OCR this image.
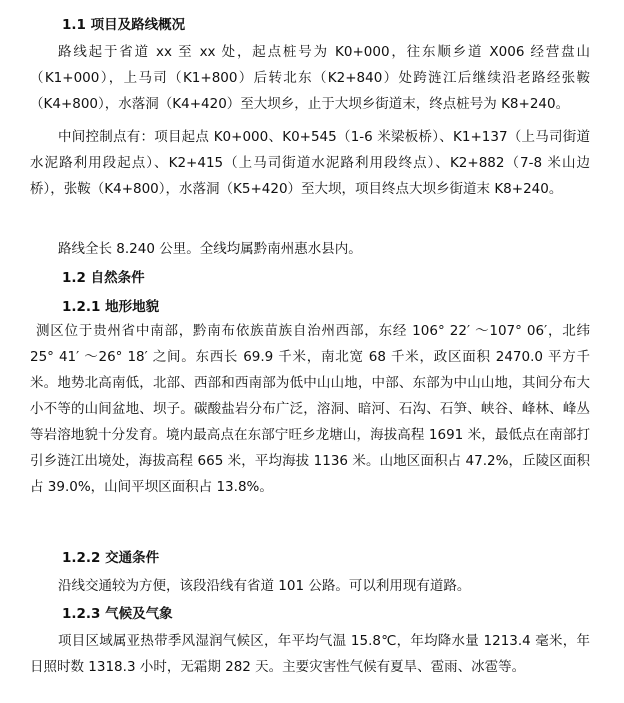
1.1 项目及路线概况

路线起于省道 xx 至 xx 处，起点桩号为 K0+000，往东顺乡道 X006 经营盘山（K1+000），上马司（K1+800）后转北东（K2+840）处跨涟江后继续沿老路经张鞍（K4+800），水落洞（K4+420）至大坝乡，止于大坝乡街道末，终点桩号为 K8+240。

中间控制点有：项目起点 K0+000、K0+545（1-6 米梁板桥）、K1+137（上马司街道水泥路利用段起点）、K2+415（上马司街道水泥路利用段终点）、K2+882（7-8 米山边桥），张鞍（K4+800），水落洞（K5+420）至大坝，项目终点大坝乡街道末 K8+240。

路线全长 8.240 公里。全线均属黔南州惠水县内。

1.2 自然条件
1.2.1 地形地貌

测区位于贵州省中南部，黔南布依族苗族自治州西部，东经 106° 22′ ～107° 06′，北纬 25° 41′ ～26° 18′ 之间。东西长 69.9 千米，南北宽 68 千米，政区面积 2470.0 平方千米。地势北高南低，北部、西部和西南部为低中山山地，中部、东部为中山山地，其间分布大小不等的山间盆地、坝子。碳酸盐岩分布广泛，溶洞、暗河、石沟、石笋、峡谷、峰林、峰丛等岩溶地貌十分发育。境内最高点在东部宁旺乡龙塘山，海拔高程 1691 米，最低点在南部打引乡涟江出境处，海拔高程 665 米，平均海拔 1136 米。山地区面积占 47.2%，丘陵区面积占 39.0%，山间平坝区面积占 13.8%。

1.2.2 交通条件

沿线交通较为方便，该段沿线有省道 101 公路。可以利用现有道路。

1.2.3 气候及气象

项目区域属亚热带季风湿润气候区，年平均气温 15.8℃，年均降水量 1213.4 毫米，年日照时数 1318.3 小时，无霜期 282 天。主要灾害性气候有夏旱、雹雨、冰雹等。
